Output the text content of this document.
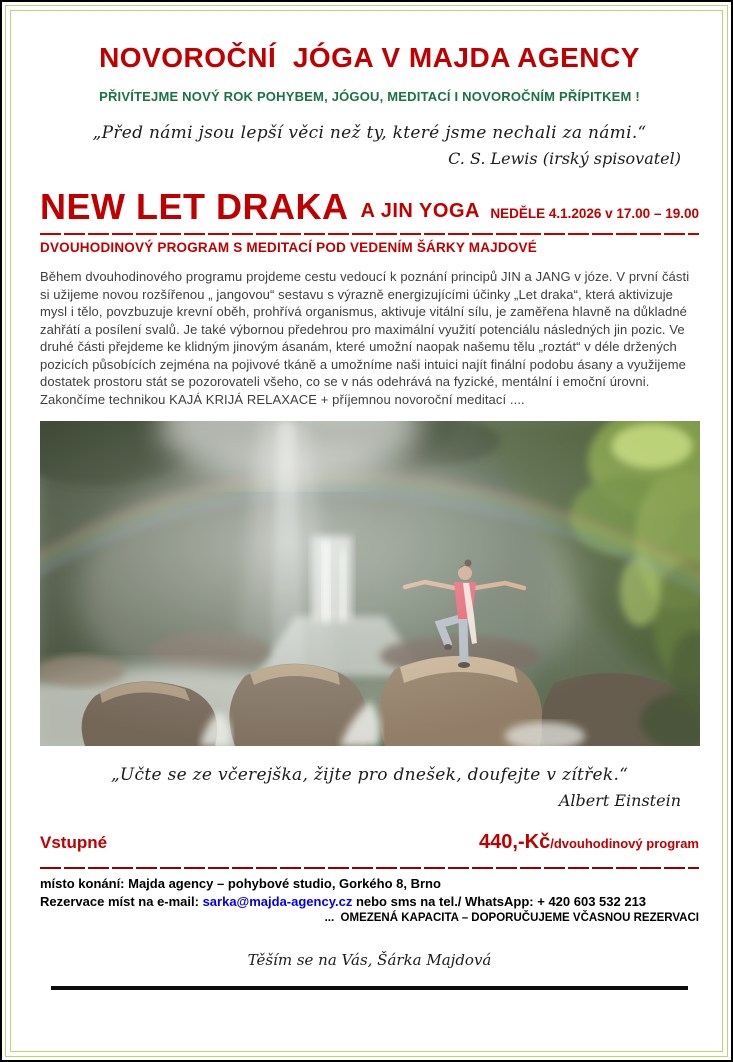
NOVOROČNÍ  JÓGA V MAJDA AGENCY
PŘIVÍTEJME NOVÝ ROK POHYBEM, JÓGOU, MEDITACÍ I NOVOROČNÍM PŘÍPITKEM !
„Před námi jsou lepší věci než ty, které jsme nechali za námi.“
C. S. Lewis (irský spisovatel)
NEW LET DRAKA A JIN YOGA NEDĚLE 4.1.2026 v 17.00 – 19.00
DVOUHODINOVÝ PROGRAM S MEDITACÍ POD VEDENÍM ŠÁRKY MAJDOVÉ

Během dvouhodinového programu projdeme cestu vedoucí k poznání principů JIN a JANG v józe. V první části si užijeme novou rozšířenou „ jangovou“ sestavu s výrazně energizujícími účinky „Let draka“, která aktivizuje mysl i tělo, povzbuzuje krevní oběh, prohřívá organismus, aktivuje vitální sílu, je zaměřena hlavně na důkladné zahřátí a posílení svalů. Je také výbornou předehrou pro maximální využití potenciálu následných jin pozic. Ve druhé části přejdeme ke klidným jinovým ásanám, které umožní naopak našemu tělu „roztát“ v déle držených pozicích působících zejména na pojivové tkáně a umožníme naši intuici najít finální podobu ásany a využijeme dostatek prostoru stát se pozorovateli všeho, co se v nás odehrává na fyzické, mentální i emoční úrovni. Zakončíme technikou KAJÁ KRIJÁ RELAXACE + příjemnou novoroční meditací ....

„Učte se ze včerejška, žijte pro dnešek, doufejte v zítřek.“
Albert Einstein
Vstupné	440,-Kč /dvouhodinový program
místo konání: Majda agency – pohybové studio, Gorkého 8, Brno
Rezervace míst na e-mail: sarka@majda-agency.cz nebo sms na tel./ WhatsApp: + 420 603 532 213
...  OMEZENÁ KAPACITA – DOPORUČUJEME VČASNOU REZERVACI
Těším se na Vás, Šárka Majdová
